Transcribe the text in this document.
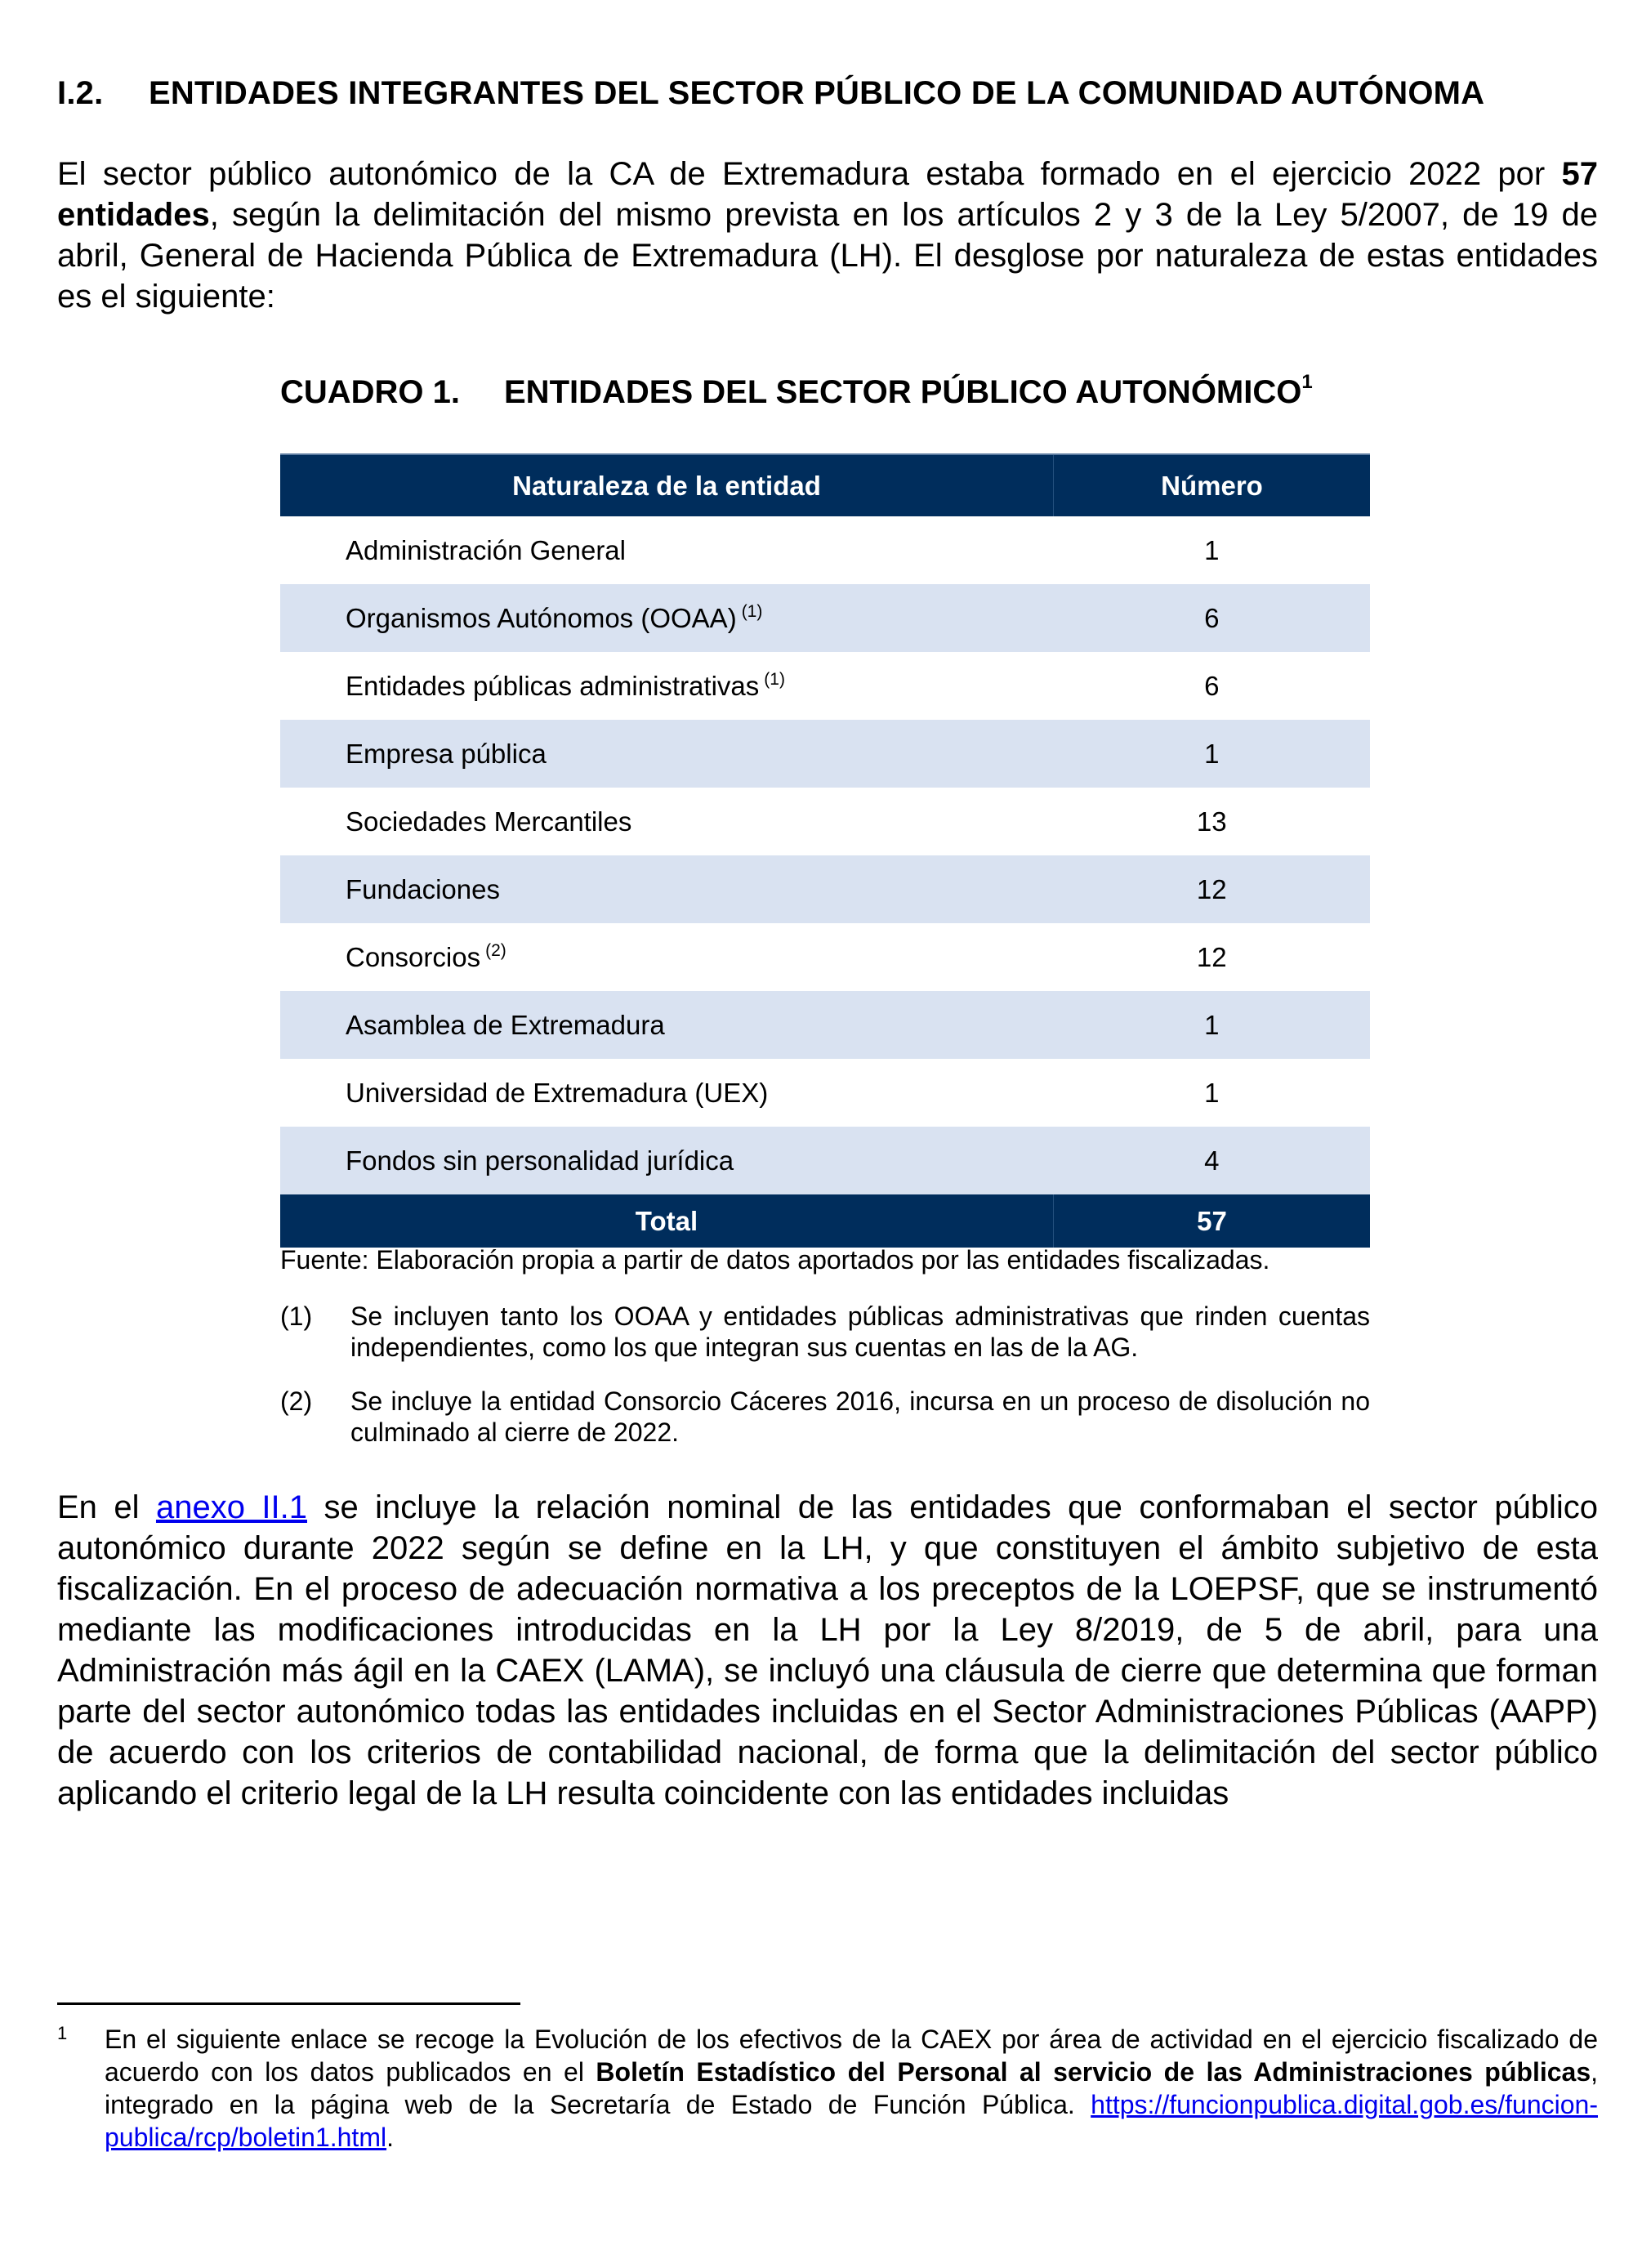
I.2. ENTIDADES INTEGRANTES DEL SECTOR PÚBLICO DE LA COMUNIDAD AUTÓNOMA

El sector público autonómico de la CA de Extremadura estaba formado en el ejercicio 2022 por 57 entidades, según la delimitación del mismo prevista en los artículos 2 y 3 de la Ley 5/2007, de 19 de abril, General de Hacienda Pública de Extremadura (LH). El desglose por naturaleza de estas entidades es el siguiente:

CUADRO 1. ENTIDADES DEL SECTOR PÚBLICO AUTONÓMICO$^1$
Naturaleza de la entidad	Número
Administración General	1
Organismos Autónomos (OOAA) $^{(1)}$	6
Entidades públicas administrativas $^{(1)}$	6
Empresa pública	1
Sociedades Mercantiles	13
Fundaciones	12
Consorcios $^{(2)}$	12
Asamblea de Extremadura	1
Universidad de Extremadura (UEX)	1
Fondos sin personalidad jurídica	4
Total	57
Fuente: Elaboración propia a partir de datos aportados por las entidades fiscalizadas.
(1)	Se incluyen tanto los OOAA y entidades públicas administrativas que rinden cuentas independientes, como los que integran sus cuentas en las de la AG.
(2)	Se incluye la entidad Consorcio Cáceres 2016, incursa en un proceso de disolución no culminado al cierre de 2022.

En el anexo II.1 se incluye la relación nominal de las entidades que conformaban el sector público autonómico durante 2022 según se define en la LH, y que constituyen el ámbito subjetivo de esta fiscalización. En el proceso de adecuación normativa a los preceptos de la LOEPSF, que se instrumentó mediante las modificaciones introducidas en la LH por la Ley 8/2019, de 5 de abril, para una Administración más ágil en la CAEX (LAMA), se incluyó una cláusula de cierre que determina que forman parte del sector autonómico todas las entidades incluidas en el Sector Administraciones Públicas (AAPP) de acuerdo con los criterios de contabilidad nacional, de forma que la delimitación del sector público aplicando el criterio legal de la LH resulta coincidente con las entidades incluidas

1	En el siguiente enlace se recoge la Evolución de los efectivos de la CAEX por área de actividad en el ejercicio fiscalizado de acuerdo con los datos publicados en el Boletín Estadístico del Personal al servicio de las Administraciones públicas, integrado en la página web de la Secretaría de Estado de Función Pública. https://funcionpublica.digital.gob.es/funcion-publica/rcp/boletin1.html.
